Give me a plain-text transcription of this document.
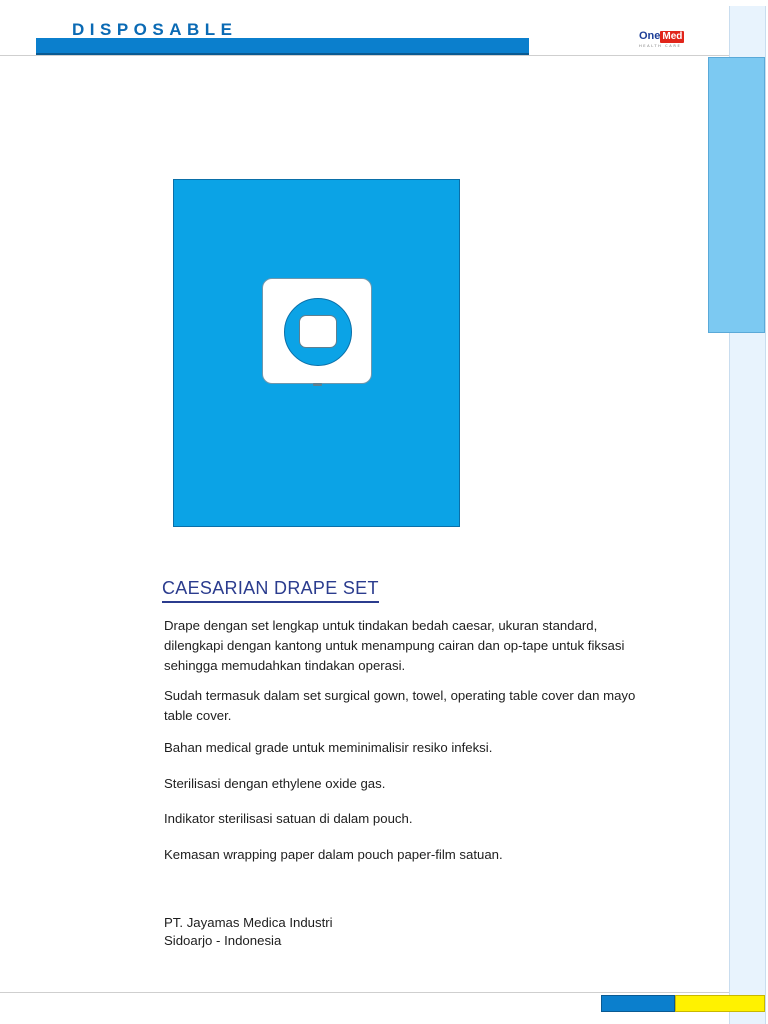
DISPOSABLE	One Med
HEALTH CARE
CAESARIAN DRAPE SET

Drape dengan set lengkap untuk tindakan bedah caesar, ukuran standard, dilengkapi dengan kantong untuk menampung cairan dan op-tape untuk fiksasi sehingga memudahkan tindakan operasi.

Sudah termasuk dalam set surgical gown, towel, operating table cover dan mayo table cover.

Bahan medical grade untuk meminimalisir resiko infeksi.

Sterilisasi dengan ethylene oxide gas.

Indikator sterilisasi satuan di dalam pouch.

Kemasan wrapping paper dalam pouch paper-film satuan.

PT. Jayamas Medica Industri
Sidoarjo - Indonesia
